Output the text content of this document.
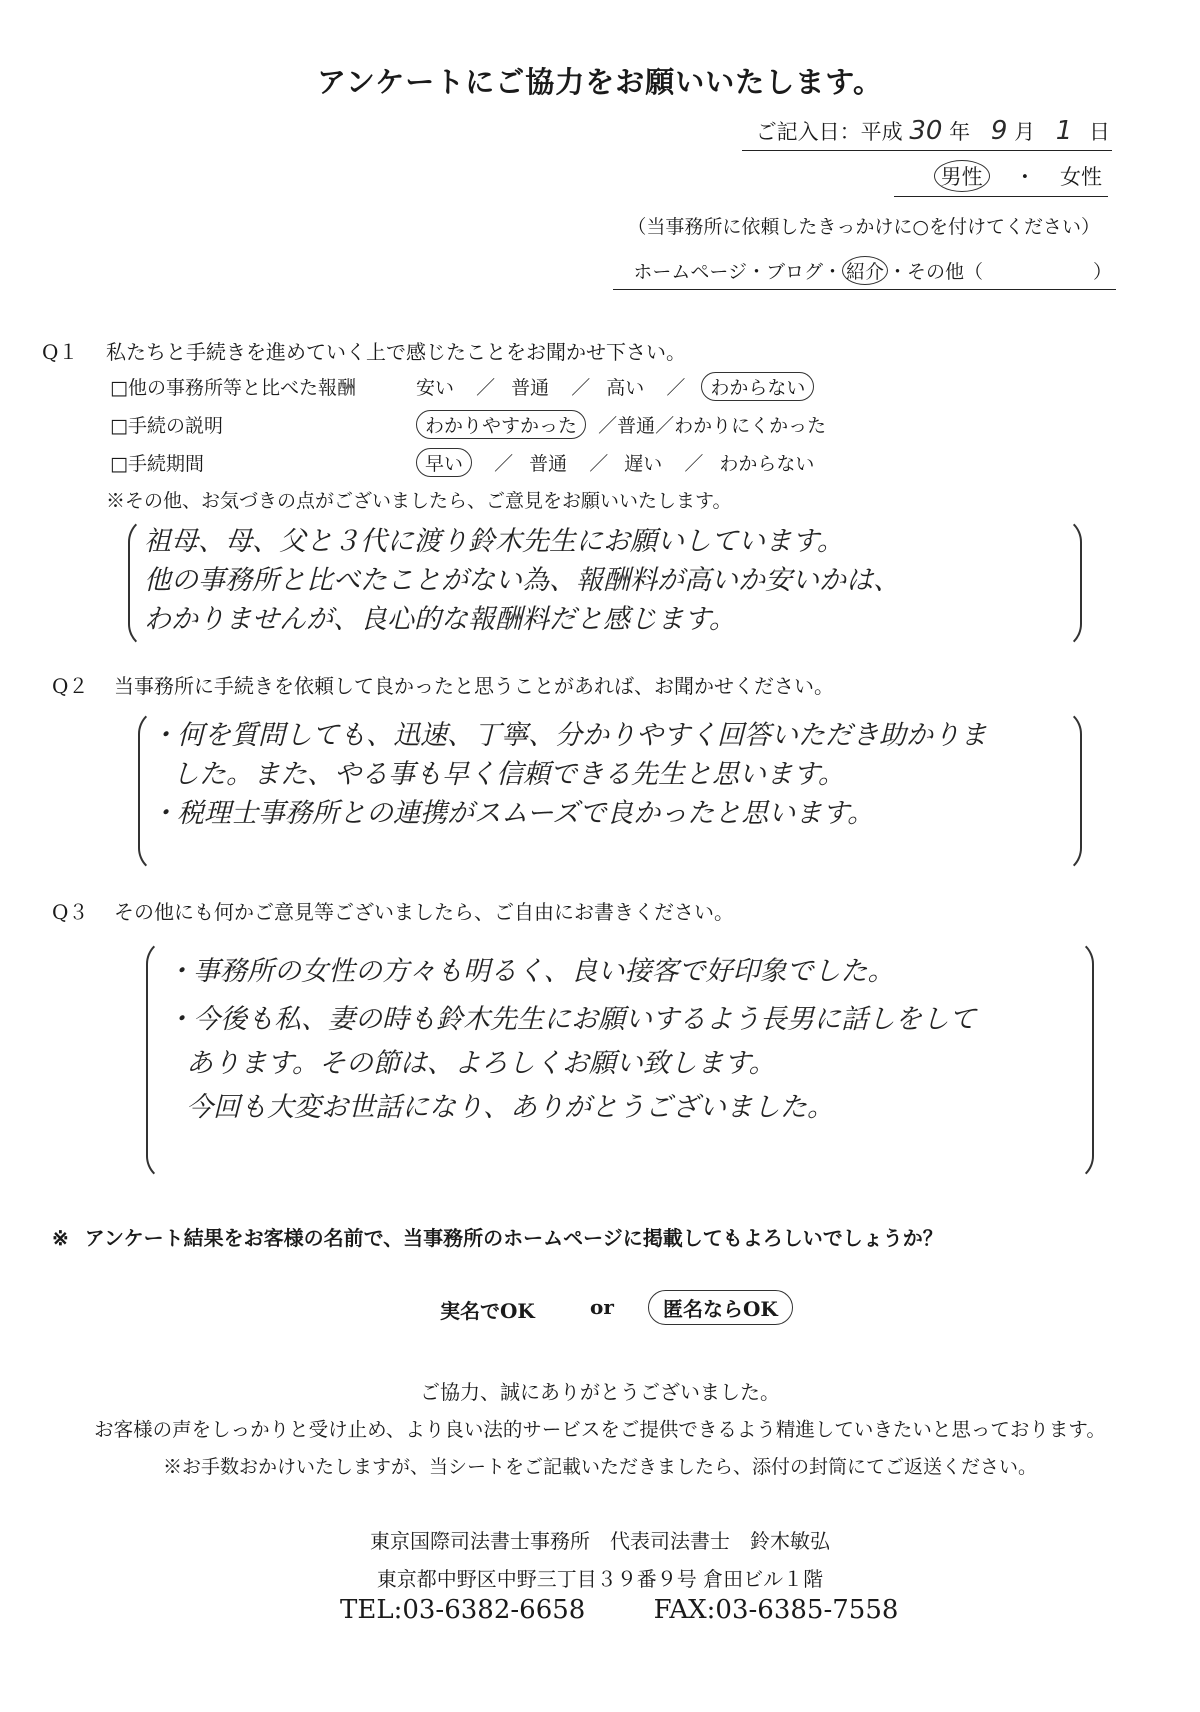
アンケートにご協力をお願いいたします。
ご記入日：平成 30 年 9 月 1 日
男性 ・ 女性
（当事務所に依頼したきっかけに○を付けてください）
ホームページ・ブログ・ 紹介 ・その他（	）
Q１ 私たちと手続きを進めていく上で感じたことをお聞かせ下さい。
□他の事務所等と比べた報酬	安い ／ 普通 ／ 高い ／ わからない
□手続の説明	わかりやすかった ／普通／わかりにくかった
□手続期間	早い ／ 普通 ／ 遅い ／ わからない
※その他、お気づきの点がございましたら、ご意見をお願いいたします。
祖母、母、父と３代に渡り鈴木先生にお願いしています。
他の事務所と比べたことがない為、報酬料が高いか安いかは、
わかりませんが、良心的な報酬料だと感じます。
Q２ 当事務所に手続きを依頼して良かったと思うことがあれば、お聞かせください。
・何を質問しても、迅速、丁寧、分かりやすく回答いただき助かりま
した。また、やる事も早く信頼できる先生と思います。
・税理士事務所との連携がスムーズで良かったと思います。
Q３ その他にも何かご意見等ございましたら、ご自由にお書きください。
・事務所の女性の方々も明るく、良い接客で好印象でした。
・今後も私、妻の時も鈴木先生にお願いするよう長男に話しをして
あります。その節は、よろしくお願い致します。
今回も大変お世話になり、ありがとうございました。
※ アンケート結果をお客様の名前で、当事務所のホームページに掲載してもよろしいでしょうか？
実名でOK	or	匿名ならOK
ご協力、誠にありがとうございました。
お客様の声をしっかりと受け止め、より良い法的サービスをご提供できるよう精進していきたいと思っております。
※お手数おかけいたしますが、当シートをご記載いただきましたら、添付の封筒にてご返送ください。
東京国際司法書士事務所　代表司法書士　鈴木敏弘
東京都中野区中野三丁目３９番９号 倉田ビル１階
TEL:03-6382-6658	FAX:03-6385-7558
